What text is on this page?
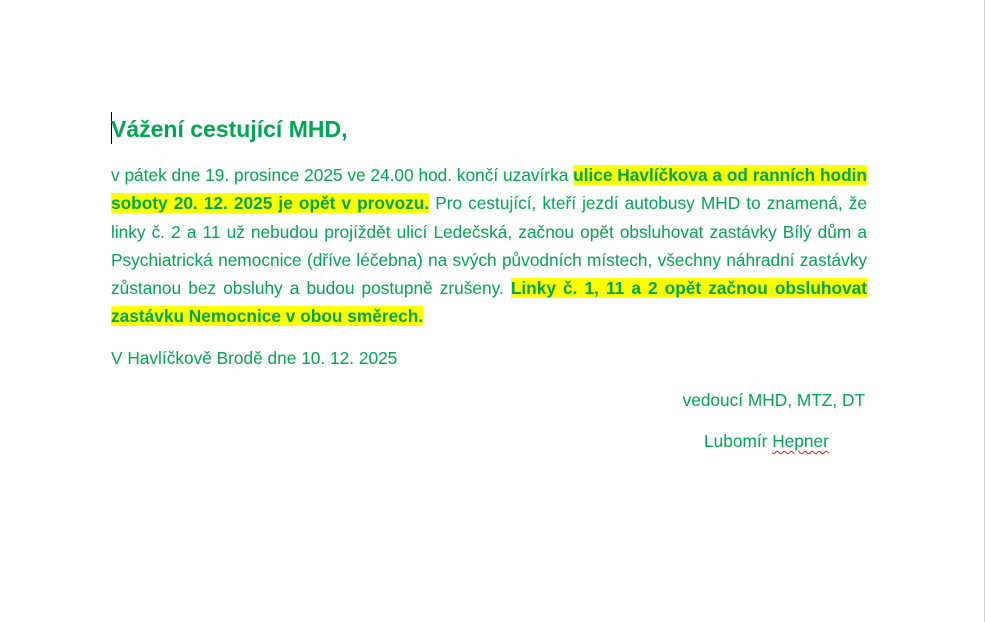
Vážení cestující MHD,
v pátek dne 19. prosince 2025 ve 24.00 hod. končí uzavírka ulice Havlíčkova a od ranních hodin soboty 20. 12. 2025 je opět v provozu. Pro cestující, kteří jezdí autobusy MHD to znamená, že linky č. 2 a 11 už nebudou projíždět ulicí Ledečská, začnou opět obsluhovat zastávky Bílý dům a Psychiatrická nemocnice (dříve léčebna) na svých původních místech, všechny náhradní zastávky zůstanou bez obsluhy a budou postupně zrušeny. Linky č. 1, 11 a 2 opět začnou obsluhovat zastávku Nemocnice v obou směrech.
V Havlíčkově Brodě dne 10. 12. 2025
vedoucí MHD, MTZ, DT
Lubomír Hepner
